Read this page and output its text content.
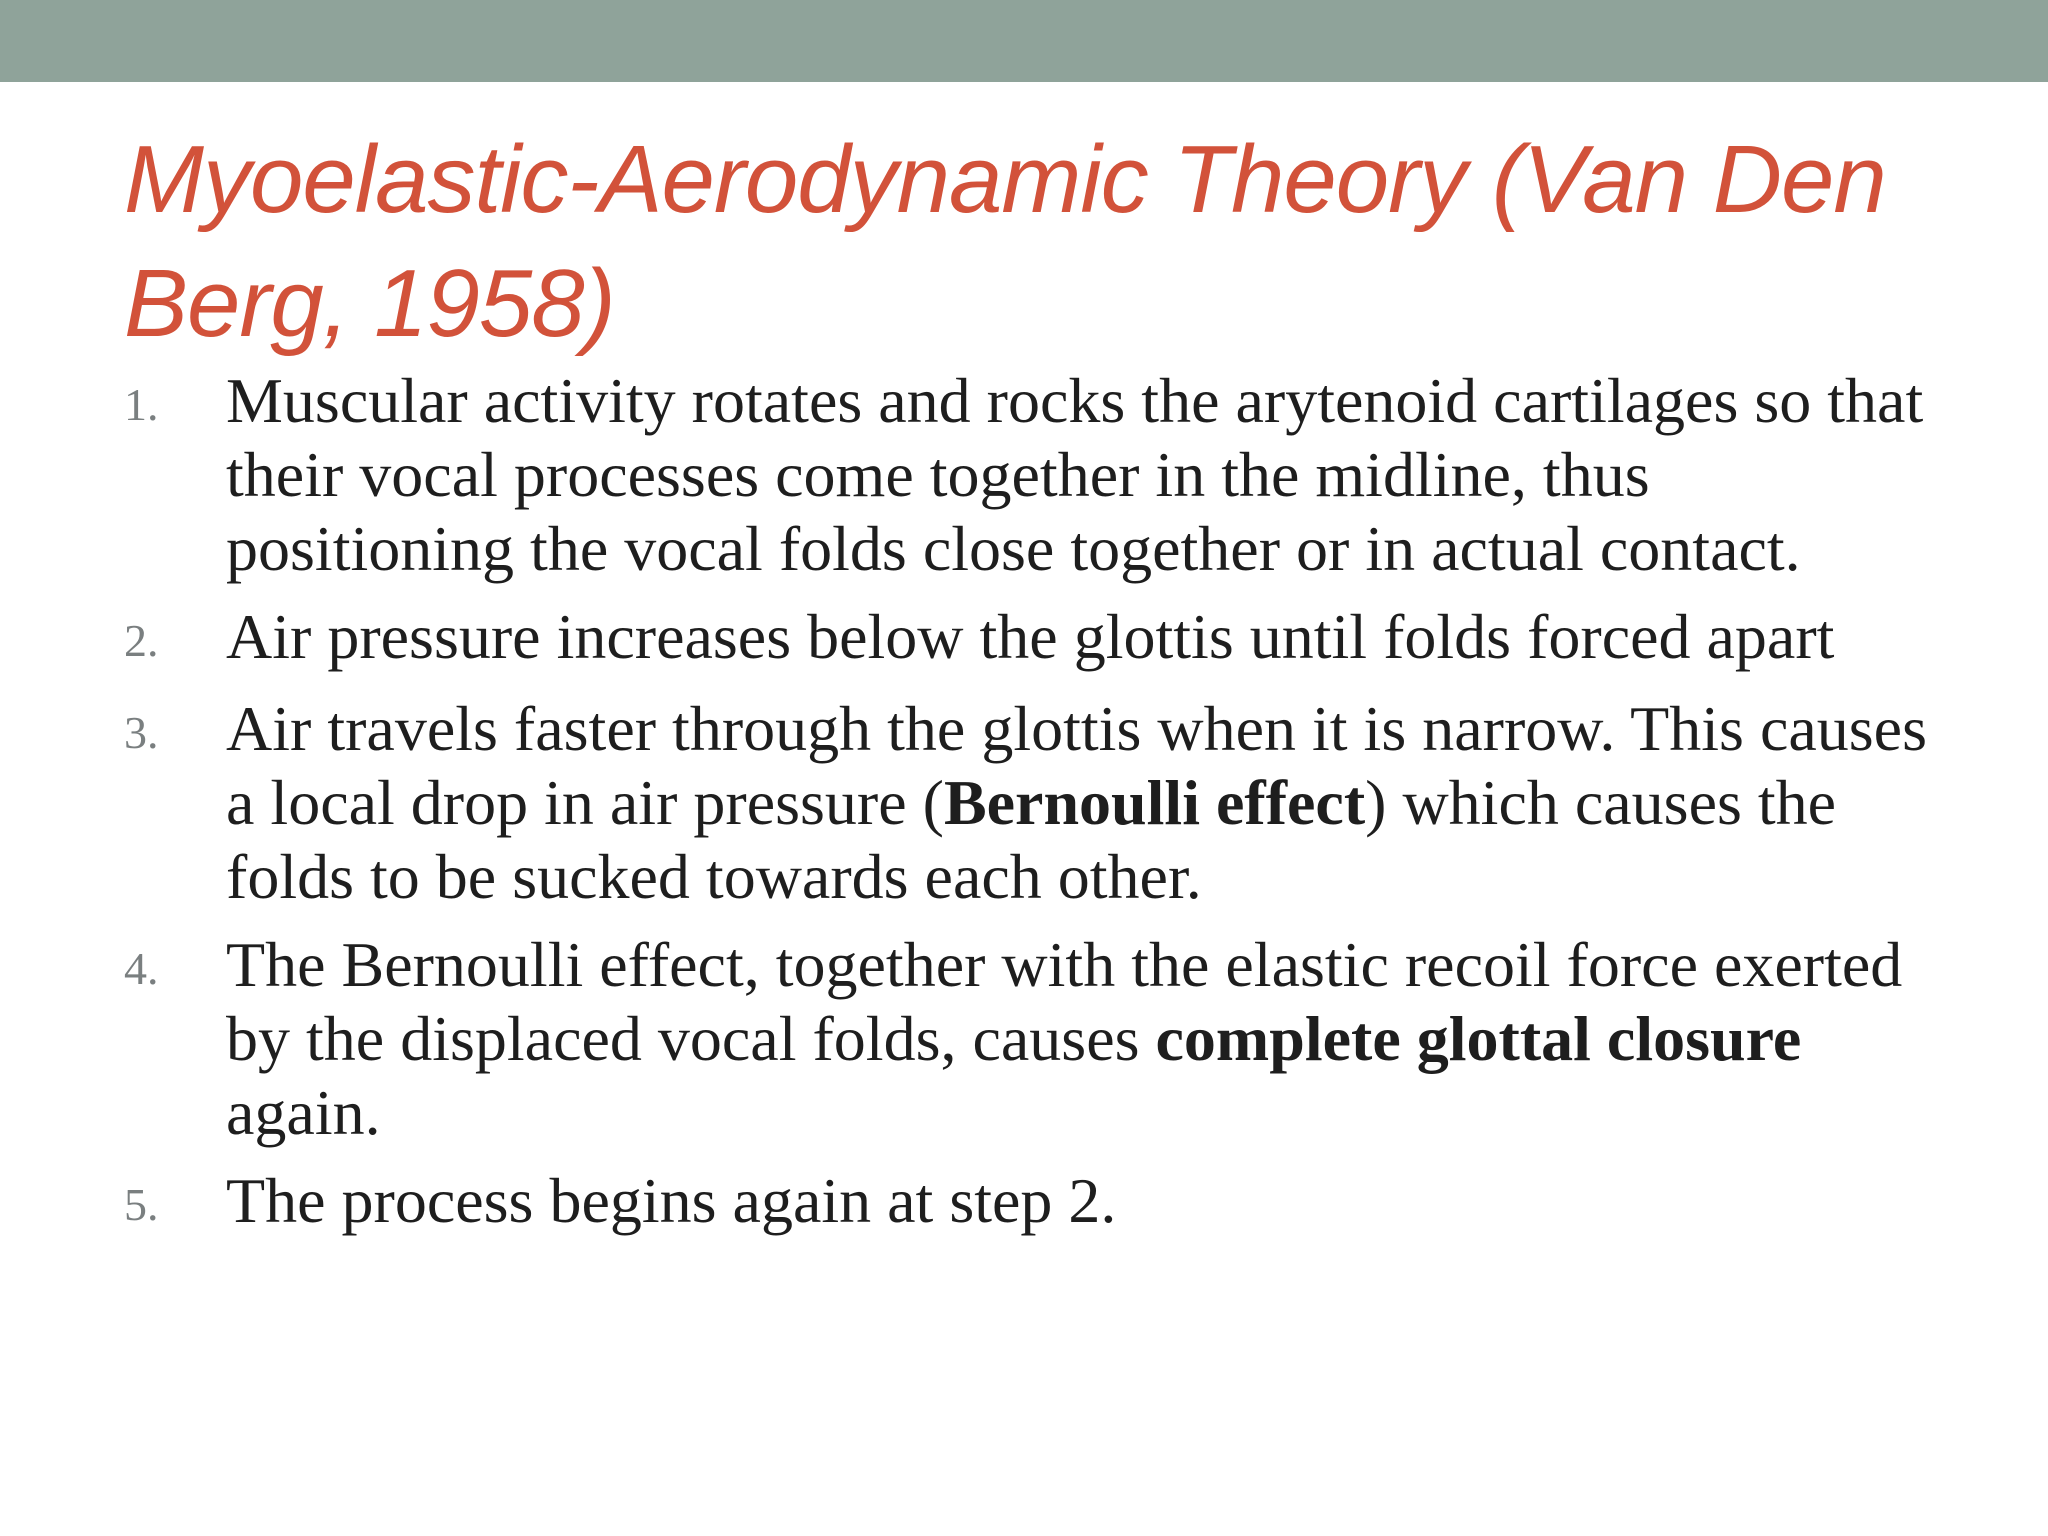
Myoelastic-Aerodynamic Theory (Van Den Berg, 1958)
1.	Muscular activity rotates and rocks the arytenoid cartilages so that their vocal processes come together in the midline, thus positioning the vocal folds close together or in actual contact.
2.	Air pressure increases below the glottis until folds forced apart
3.	Air travels faster through the glottis when it is narrow. This causes a local drop in air pressure (Bernoulli effect) which causes the folds to be sucked towards each other.
4.	The Bernoulli effect, together with the elastic recoil force exerted by the displaced vocal folds, causes complete glottal closure again.
5.	The process begins again at step 2.
